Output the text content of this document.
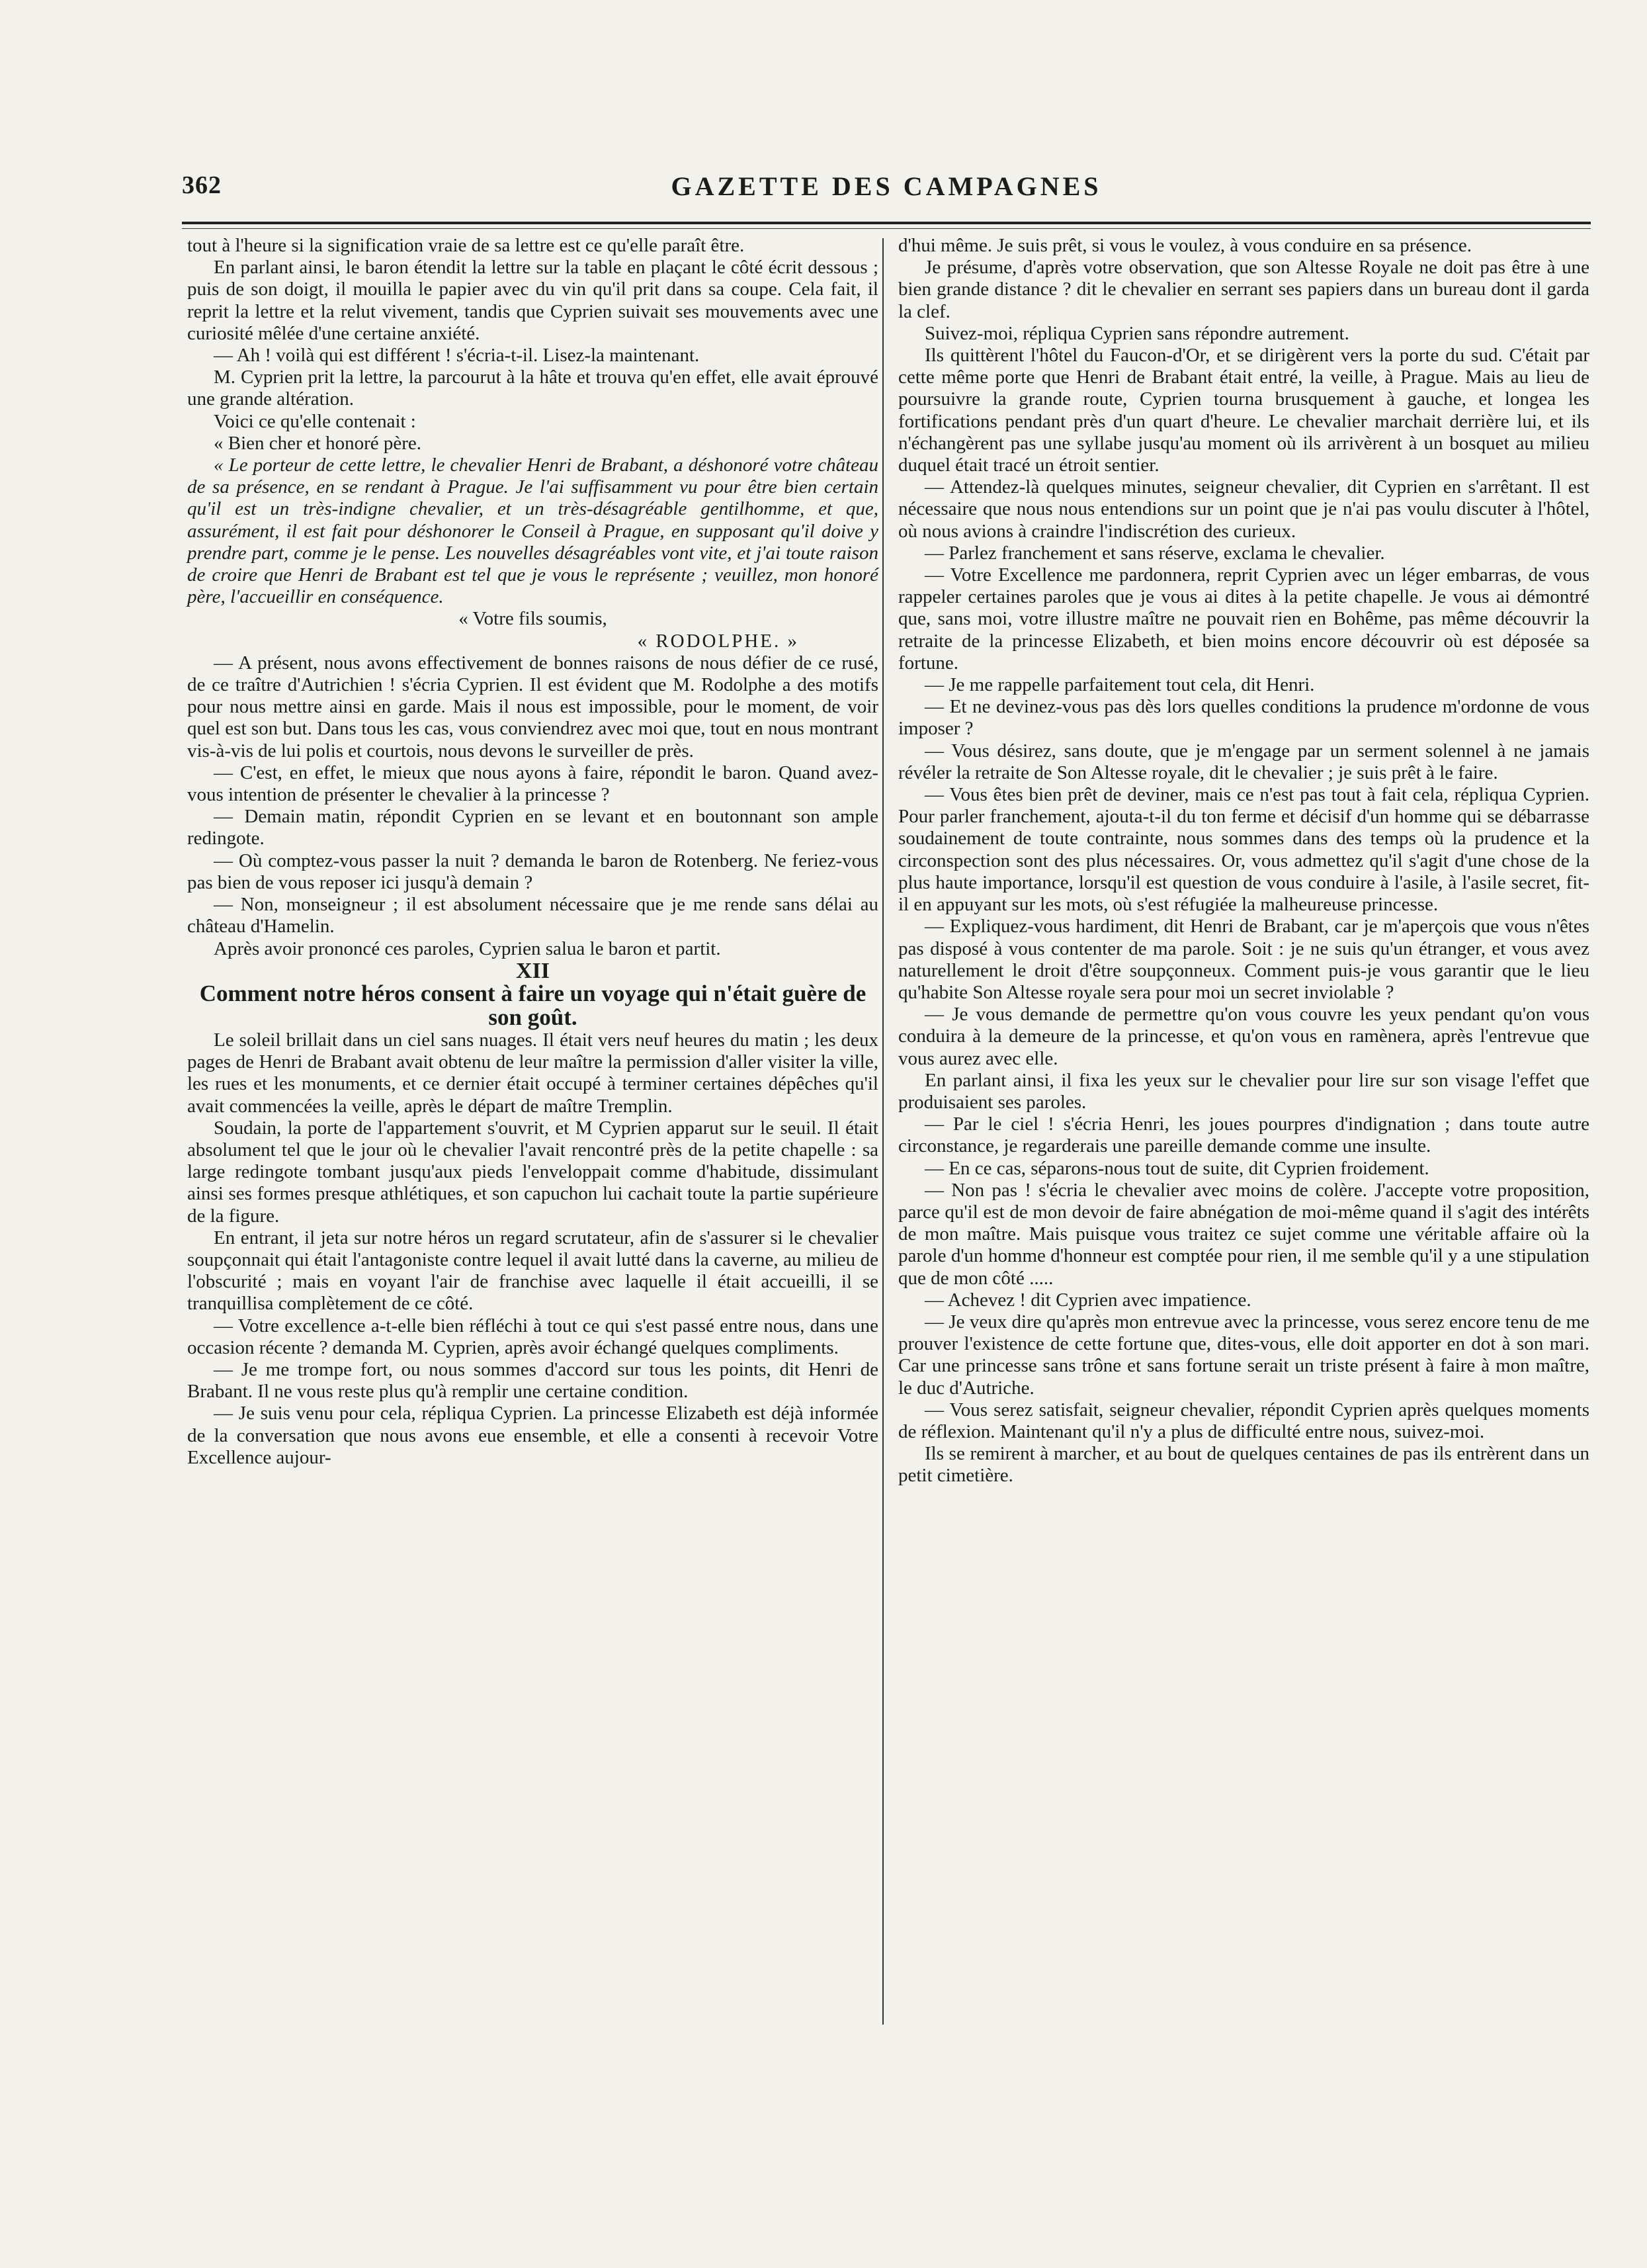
362	GAZETTE DES CAMPAGNES

tout à l'heure si la signification vraie de sa lettre est ce qu'elle paraît être.

En parlant ainsi, le baron étendit la lettre sur la table en plaçant le côté écrit dessous ; puis de son doigt, il mouilla le papier avec du vin qu'il prit dans sa coupe. Cela fait, il reprit la lettre et la relut vivement, tandis que Cyprien suivait ses mouvements avec une curiosité mêlée d'une certaine anxiété.

— Ah ! voilà qui est différent ! s'écria-t-il. Lisez-la maintenant.

M. Cyprien prit la lettre, la parcourut à la hâte et trouva qu'en effet, elle avait éprouvé une grande altération.

Voici ce qu'elle contenait :

« Bien cher et honoré père.

« Le porteur de cette lettre, le chevalier Henri de Brabant, a déshonoré votre château de sa présence, en se rendant à Prague. Je l'ai suffisamment vu pour être bien certain qu'il est un très-indigne chevalier, et un très-désagréable gentilhomme, et que, assurément, il est fait pour déshonorer le Conseil à Prague, en supposant qu'il doive y prendre part, comme je le pense. Les nouvelles désagréables vont vite, et j'ai toute raison de croire que Henri de Brabant est tel que je vous le représente ; veuillez, mon honoré père, l'accueillir en conséquence.

« Votre fils soumis,

« RODOLPHE. »

— A présent, nous avons effectivement de bonnes raisons de nous défier de ce rusé, de ce traître d'Autrichien ! s'écria Cyprien. Il est évident que M. Rodolphe a des motifs pour nous mettre ainsi en garde. Mais il nous est impossible, pour le moment, de voir quel est son but. Dans tous les cas, vous conviendrez avec moi que, tout en nous montrant vis-à-vis de lui polis et courtois, nous devons le surveiller de près.

— C'est, en effet, le mieux que nous ayons à faire, répondit le baron. Quand avez-vous intention de présenter le chevalier à la princesse ?

— Demain matin, répondit Cyprien en se levant et en boutonnant son ample redingote.

— Où comptez-vous passer la nuit ? demanda le baron de Rotenberg. Ne feriez-vous pas bien de vous reposer ici jusqu'à demain ?

— Non, monseigneur ; il est absolument nécessaire que je me rende sans délai au château d'Hamelin.

Après avoir prononcé ces paroles, Cyprien salua le baron et partit.

XII

Comment notre héros consent à faire un voyage qui n'était guère de son goût.

Le soleil brillait dans un ciel sans nuages. Il était vers neuf heures du matin ; les deux pages de Henri de Brabant avait obtenu de leur maître la permission d'aller visiter la ville, les rues et les monuments, et ce dernier était occupé à terminer certaines dépêches qu'il avait commencées la veille, après le départ de maître Tremplin.

Soudain, la porte de l'appartement s'ouvrit, et M Cyprien apparut sur le seuil. Il était absolument tel que le jour où le chevalier l'avait rencontré près de la petite chapelle : sa large redingote tombant jusqu'aux pieds l'enveloppait comme d'habitude, dissimulant ainsi ses formes presque athlétiques, et son capuchon lui cachait toute la partie supérieure de la figure.

En entrant, il jeta sur notre héros un regard scrutateur, afin de s'assurer si le chevalier soupçonnait qui était l'antagoniste contre lequel il avait lutté dans la caverne, au milieu de l'obscurité ; mais en voyant l'air de franchise avec laquelle il était accueilli, il se tranquillisa complètement de ce côté.

— Votre excellence a-t-elle bien réfléchi à tout ce qui s'est passé entre nous, dans une occasion récente ? demanda M. Cyprien, après avoir échangé quelques compliments.

— Je me trompe fort, ou nous sommes d'accord sur tous les points, dit Henri de Brabant. Il ne vous reste plus qu'à remplir une certaine condition.

— Je suis venu pour cela, répliqua Cyprien. La princesse Elizabeth est déjà informée de la conversation que nous avons eue ensemble, et elle a consenti à recevoir Votre Excellence aujour-

d'hui même. Je suis prêt, si vous le voulez, à vous conduire en sa présence.

Je présume, d'après votre observation, que son Altesse Royale ne doit pas être à une bien grande distance ? dit le chevalier en serrant ses papiers dans un bureau dont il garda la clef.

Suivez-moi, répliqua Cyprien sans répondre autrement.

Ils quittèrent l'hôtel du Faucon-d'Or, et se dirigèrent vers la porte du sud. C'était par cette même porte que Henri de Brabant était entré, la veille, à Prague. Mais au lieu de poursuivre la grande route, Cyprien tourna brusquement à gauche, et longea les fortifications pendant près d'un quart d'heure. Le chevalier marchait derrière lui, et ils n'échangèrent pas une syllabe jusqu'au moment où ils arrivèrent à un bosquet au milieu duquel était tracé un étroit sentier.

— Attendez-là quelques minutes, seigneur chevalier, dit Cyprien en s'arrêtant. Il est nécessaire que nous nous entendions sur un point que je n'ai pas voulu discuter à l'hôtel, où nous avions à craindre l'indiscrétion des curieux.

— Parlez franchement et sans réserve, exclama le chevalier.

— Votre Excellence me pardonnera, reprit Cyprien avec un léger embarras, de vous rappeler certaines paroles que je vous ai dites à la petite chapelle. Je vous ai démontré que, sans moi, votre illustre maître ne pouvait rien en Bohême, pas même découvrir la retraite de la princesse Elizabeth, et bien moins encore découvrir où est déposée sa fortune.

— Je me rappelle parfaitement tout cela, dit Henri.

— Et ne devinez-vous pas dès lors quelles conditions la prudence m'ordonne de vous imposer ?

— Vous désirez, sans doute, que je m'engage par un serment solennel à ne jamais révéler la retraite de Son Altesse royale, dit le chevalier ; je suis prêt à le faire.

— Vous êtes bien prêt de deviner, mais ce n'est pas tout à fait cela, répliqua Cyprien. Pour parler franchement, ajouta-t-il du ton ferme et décisif d'un homme qui se débarrasse soudainement de toute contrainte, nous sommes dans des temps où la prudence et la circonspection sont des plus nécessaires. Or, vous admettez qu'il s'agit d'une chose de la plus haute importance, lorsqu'il est question de vous conduire à l'asile, à l'asile secret, fit-il en appuyant sur les mots, où s'est réfugiée la malheureuse princesse.

— Expliquez-vous hardiment, dit Henri de Brabant, car je m'aperçois que vous n'êtes pas disposé à vous contenter de ma parole. Soit : je ne suis qu'un étranger, et vous avez naturellement le droit d'être soupçonneux. Comment puis-je vous garantir que le lieu qu'habite Son Altesse royale sera pour moi un secret inviolable ?

— Je vous demande de permettre qu'on vous couvre les yeux pendant qu'on vous conduira à la demeure de la princesse, et qu'on vous en ramènera, après l'entrevue que vous aurez avec elle.

En parlant ainsi, il fixa les yeux sur le chevalier pour lire sur son visage l'effet que produisaient ses paroles.

— Par le ciel ! s'écria Henri, les joues pourpres d'indignation ; dans toute autre circonstance, je regarderais une pareille demande comme une insulte.

— En ce cas, séparons-nous tout de suite, dit Cyprien froidement.

— Non pas ! s'écria le chevalier avec moins de colère. J'accepte votre proposition, parce qu'il est de mon devoir de faire abnégation de moi-même quand il s'agit des intérêts de mon maître. Mais puisque vous traitez ce sujet comme une véritable affaire où la parole d'un homme d'honneur est comptée pour rien, il me semble qu'il y a une stipulation que de mon côté .....

— Achevez ! dit Cyprien avec impatience.

— Je veux dire qu'après mon entrevue avec la princesse, vous serez encore tenu de me prouver l'existence de cette fortune que, dites-vous, elle doit apporter en dot à son mari. Car une princesse sans trône et sans fortune serait un triste présent à faire à mon maître, le duc d'Autriche.

— Vous serez satisfait, seigneur chevalier, répondit Cyprien après quelques moments de réflexion. Maintenant qu'il n'y a plus de difficulté entre nous, suivez-moi.

Ils se remirent à marcher, et au bout de quelques centaines de pas ils entrèrent dans un petit cimetière.
